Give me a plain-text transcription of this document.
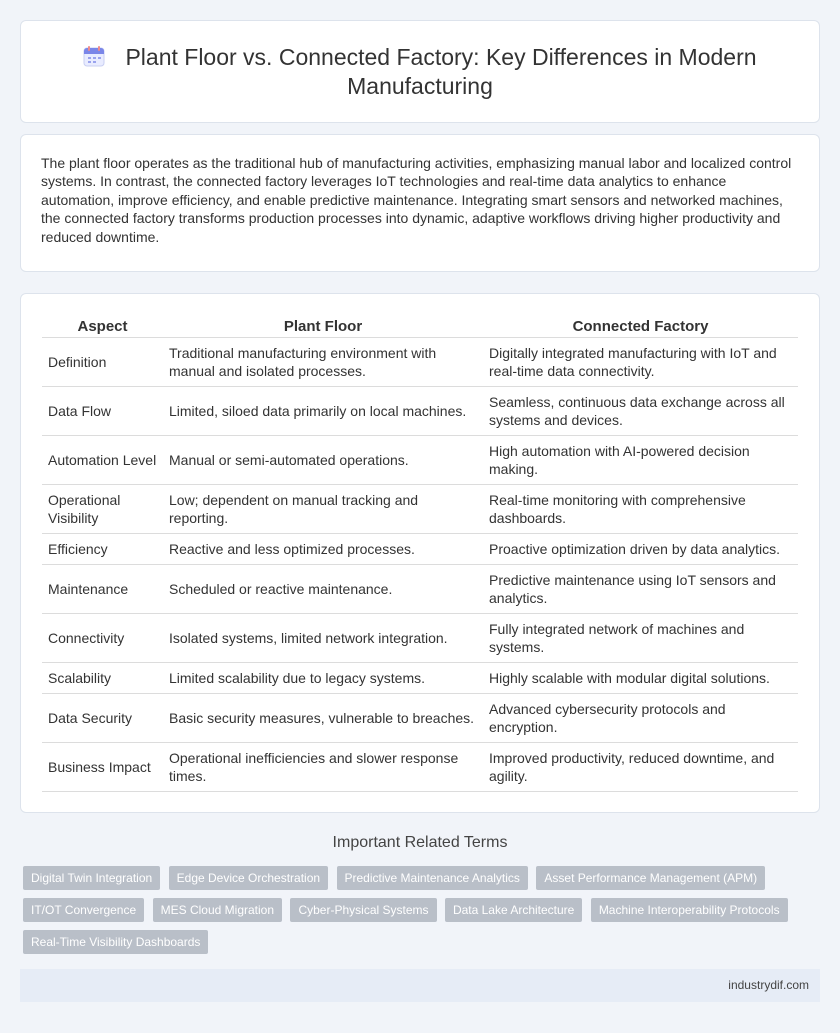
Plant Floor vs. Connected Factory: Key Differences in Modern Manufacturing

The plant floor operates as the traditional hub of manufacturing activities, emphasizing manual labor and localized control systems. In contrast, the connected factory leverages IoT technologies and real-time data analytics to enhance automation, improve efficiency, and enable predictive maintenance. Integrating smart sensors and networked machines, the connected factory transforms production processes into dynamic, adaptive workflows driving higher productivity and reduced downtime.

Aspect	Plant Floor	Connected Factory
Definition	Traditional manufacturing environment with manual and isolated processes.	Digitally integrated manufacturing with IoT and real-time data connectivity.
Data Flow	Limited, siloed data primarily on local machines.	Seamless, continuous data exchange across all systems and devices.
Automation Level	Manual or semi-automated operations.	High automation with AI-powered decision making.
Operational Visibility	Low; dependent on manual tracking and reporting.	Real-time monitoring with comprehensive dashboards.
Efficiency	Reactive and less optimized processes.	Proactive optimization driven by data analytics.
Maintenance	Scheduled or reactive maintenance.	Predictive maintenance using IoT sensors and analytics.
Connectivity	Isolated systems, limited network integration.	Fully integrated network of machines and systems.
Scalability	Limited scalability due to legacy systems.	Highly scalable with modular digital solutions.
Data Security	Basic security measures, vulnerable to breaches.	Advanced cybersecurity protocols and encryption.
Business Impact	Operational inefficiencies and slower response times.	Improved productivity, reduced downtime, and agility.
Important Related Terms
Digital Twin Integration Edge Device Orchestration Predictive Maintenance Analytics Asset Performance Management (APM) IT/OT Convergence MES Cloud Migration Cyber-Physical Systems Data Lake Architecture Machine Interoperability Protocols Real-Time Visibility Dashboards
industrydif.com
